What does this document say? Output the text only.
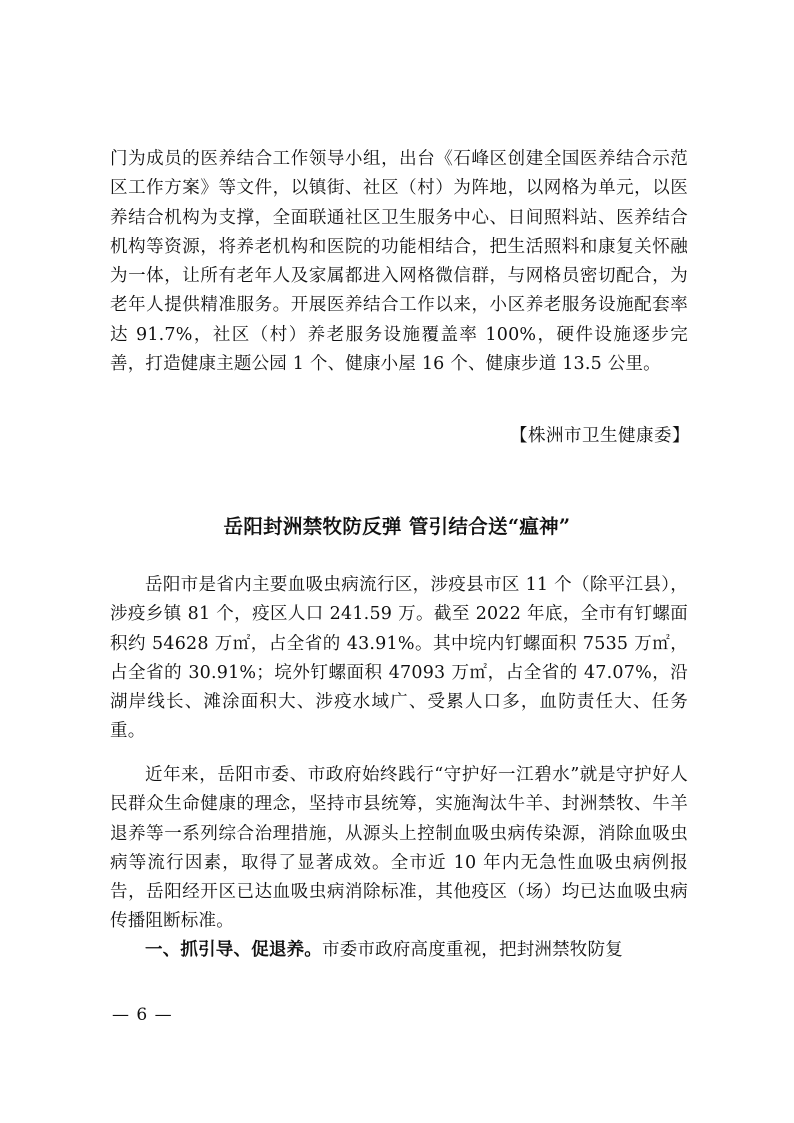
门为成员的医养结合工作领导小组，出台《石峰区创建全国医养结合示范区工作方案》等文件，以镇街、社区（村）为阵地，以网格为单元，以医养结合机构为支撑，全面联通社区卫生服务中心、日间照料站、医养结合机构等资源，将养老机构和医院的功能相结合，把生活照料和康复关怀融为一体，让所有老年人及家属都进入网格微信群，与网格员密切配合，为老年人提供精准服务。开展医养结合工作以来，小区养老服务设施配套率达 91.7%，社区（村）养老服务设施覆盖率 100%，硬件设施逐步完善，打造健康主题公园 1 个、健康小屋 16 个、健康步道 13.5 公里。

【株洲市卫生健康委】
岳阳封洲禁牧防反弹 管引结合送“瘟神”

岳阳市是省内主要血吸虫病流行区，涉疫县市区 11 个（除平江县），涉疫乡镇 81 个，疫区人口 241.59 万。截至 2022 年底，全市有钉螺面积约 54628 万㎡，占全省的 43.91%。其中垸内钉螺面积 7535 万㎡，占全省的 30.91%；垸外钉螺面积 47093 万㎡，占全省的 47.07%，沿湖岸线长、滩涂面积大、涉疫水域广、受累人口多，血防责任大、任务重。

近年来，岳阳市委、市政府始终践行“守护好一江碧水”就是守护好人民群众生命健康的理念，坚持市县统筹，实施淘汰牛羊、封洲禁牧、牛羊退养等一系列综合治理措施，从源头上控制血吸虫病传染源，消除血吸虫病等流行因素，取得了显著成效。全市近 10 年内无急性血吸虫病例报告，岳阳经开区已达血吸虫病消除标准，其他疫区（场）均已达血吸虫病传播阻断标准。

一、抓引导、促退养。市委市政府高度重视，把封洲禁牧防复

— 6 —
